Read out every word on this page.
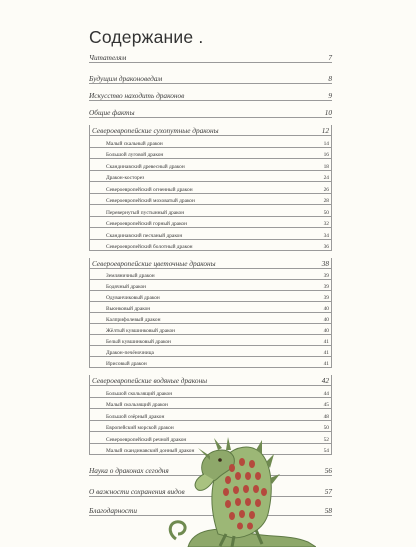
Содержание .
Читателям	7
Будущим драконоведам	8
Искусство находить драконов	9
Общие факты	10
Североевропейские сухопутные драконы	12
Малый скальный дракон	14
Большой луговой дракон	16
Скандинавский древесный дракон	18
Дракон-косторез	24
Североевропейский огненный дракон	26
Североевропейский моховатый дракон	28
Перевернутый пустынный дракон	50
Североевропейский горный дракон	32
Скандинавский песчаный дракон	34
Североевропейский болотный дракон	36
Североевропейские цветочные драконы	38
Земляничный дракон	39
Бодячный дракон	39
Одуванчиковый дракон	39
Вьюнковый дракон	40
Калприфолевый дракон	40
Жёлтый кувшинковый дракон	40
Белый кувшинковый дракон	41
Дракон-печёночница	41
Ирисовый дракон	41
Североевропейские водяные драконы	42
Большой скользящий дракон	44
Малый скользящий дракон	45
Большой озёрный дракон	48
Европейский морской дракон	50
Североевропейский речной дракон	52
Малый скандинавский донный дракон	54
Наука о драконах сегодня	56
О важности сохранения видов	57
Благодарности	58
